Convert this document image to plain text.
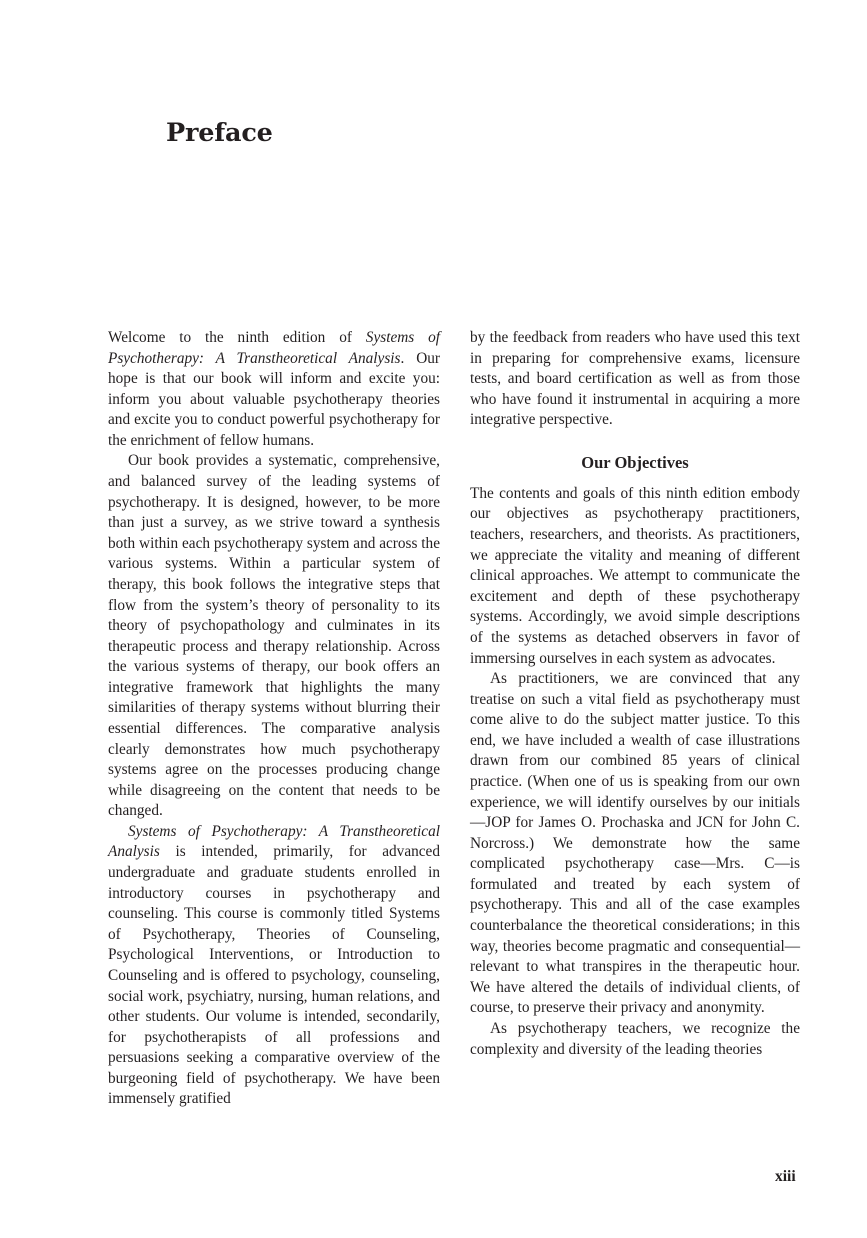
Preface

Welcome to the ninth edition of Systems of Psychotherapy: A Transtheoretical Analysis. Our hope is that our book will inform and excite you: inform you about valuable psychotherapy theories and excite you to conduct powerful psychotherapy for the enrichment of fellow humans.

Our book provides a systematic, comprehensive, and balanced survey of the leading systems of psychotherapy. It is designed, however, to be more than just a survey, as we strive toward a synthesis both within each psychotherapy system and across the various systems. Within a particular system of therapy, this book follows the integrative steps that flow from the system’s theory of personality to its theory of psychopathology and culminates in its therapeutic process and therapy relationship. Across the various systems of therapy, our book offers an integrative framework that highlights the many similarities of therapy systems without blurring their essential differences. The comparative analysis clearly demonstrates how much psychotherapy systems agree on the processes producing change while disagreeing on the content that needs to be changed.

Systems of Psychotherapy: A Transtheoretical Analysis is intended, primarily, for advanced undergraduate and graduate students enrolled in introductory courses in psychotherapy and counseling. This course is commonly titled Systems of Psychotherapy, Theories of Counseling, Psychological Interventions, or Introduction to Counseling and is offered to psychology, counseling, social work, psychiatry, nursing, human relations, and other students. Our volume is intended, secondarily, for psychotherapists of all professions and persuasions seeking a comparative overview of the burgeoning field of psychotherapy. We have been immensely gratified

by the feedback from readers who have used this text in preparing for comprehensive exams, licensure tests, and board certification as well as from those who have found it instrumental in acquiring a more integrative perspective.

Our Objectives

The contents and goals of this ninth edition embody our objectives as psychotherapy practitioners, teachers, researchers, and theorists. As practitioners, we appreciate the vitality and meaning of different clinical approaches. We attempt to communicate the excitement and depth of these psychotherapy systems. Accordingly, we avoid simple descriptions of the systems as detached observers in favor of immersing ourselves in each system as advocates.

As practitioners, we are convinced that any treatise on such a vital field as psychotherapy must come alive to do the subject matter justice. To this end, we have included a wealth of case illustrations drawn from our combined 85 years of clinical practice. (When one of us is speaking from our own experience, we will identify ourselves by our initials—JOP for James O. Prochaska and JCN for John C. Norcross.) We demonstrate how the same complicated psychotherapy case—Mrs. C—is formulated and treated by each system of psychotherapy. This and all of the case examples counterbalance the theoretical considerations; in this way, theories become pragmatic and consequential—relevant to what transpires in the therapeutic hour. We have altered the details of individual clients, of course, to preserve their privacy and anonymity.

As psychotherapy teachers, we recognize the complexity and diversity of the leading theories

xiii
